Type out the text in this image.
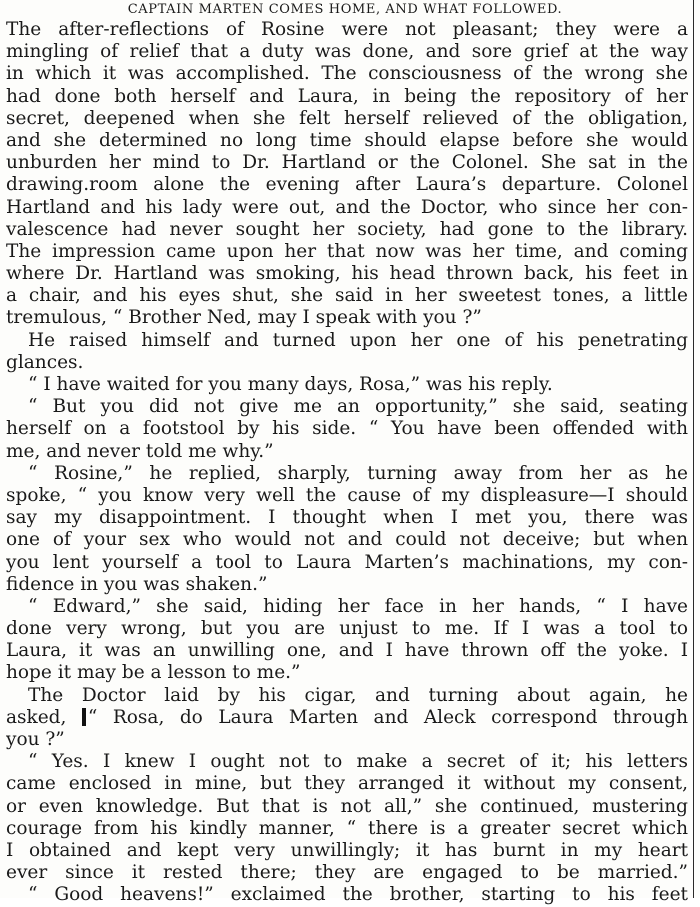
CAPTAIN MARTEN COMES HOME, AND WHAT FOLLOWED.
The after-reflections of Rosine were not pleasant; they were a
mingling of relief that a duty was done, and sore grief at the way
in which it was accomplished. The consciousness of the wrong she
had done both herself and Laura, in being the repository of her
secret, deepened when she felt herself relieved of the obligation,
and she determined no long time should elapse before she would
unburden her mind to Dr. Hartland or the Colonel. She sat in the
drawing.room alone the evening after Laura’s departure. Colonel
Hartland and his lady were out, and the Doctor, who since her con-
valescence had never sought her society, had gone to the library.
The impression came upon her that now was her time, and coming
where Dr. Hartland was smoking, his head thrown back, his feet in
a chair, and his eyes shut, she said in her sweetest tones, a little
tremulous, “ Brother Ned, may I speak with you ?”
He raised himself and turned upon her one of his penetrating
glances.
“ I have waited for you many days, Rosa,” was his reply.
“ But you did not give me an opportunity,” she said, seating
herself on a footstool by his side. “ You have been offended with
me, and never told me why.”
“ Rosine,” he replied, sharply, turning away from her as he
spoke, “ you know very well the cause of my displeasure—I should
say my disappointment. I thought when I met you, there was
one of your sex who would not and could not deceive; but when
you lent yourself a tool to Laura Marten’s machinations, my con-
fidence in you was shaken.”
“ Edward,” she said, hiding her face in her hands, “ I have
done very wrong, but you are unjust to me. If I was a tool to
Laura, it was an unwilling one, and I have thrown off the yoke. I
hope it may be a lesson to me.”
The Doctor laid by his cigar, and turning about again, he
asked, “ Rosa, do Laura Marten and Aleck correspond through
you ?”
“ Yes. I knew I ought not to make a secret of it; his letters
came enclosed in mine, but they arranged it without my consent,
or even knowledge. But that is not all,” she continued, mustering
courage from his kindly manner, “ there is a greater secret which
I obtained and kept very unwillingly; it has burnt in my heart
ever since it rested there; they are engaged to be married.”
“ Good heavens!” exclaimed the brother, starting to his feet
